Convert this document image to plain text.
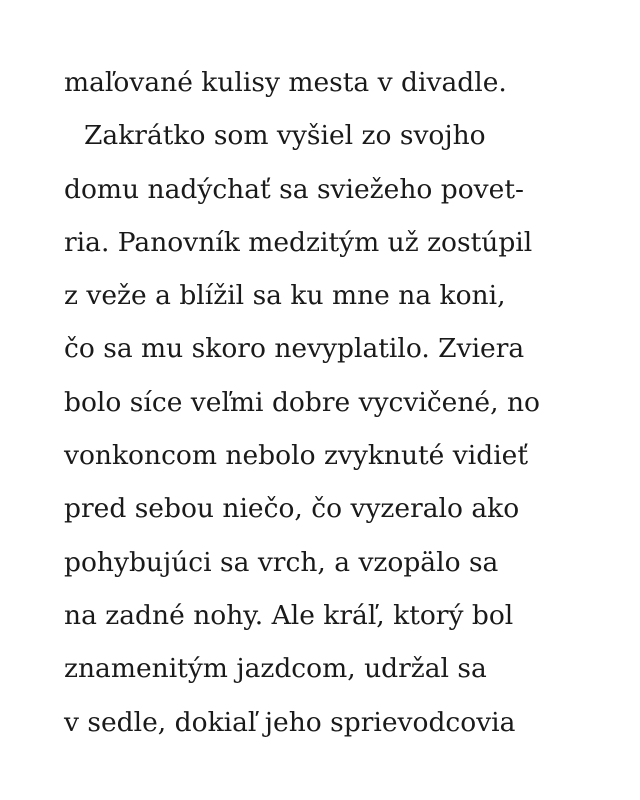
maľované kulisy mesta v divadle.
Zakrátko som vyšiel zo svojho
domu nadýchať sa sviežeho povet-
ria. Panovník medzitým už zostúpil
z veže a blížil sa ku mne na koni,
čo sa mu skoro nevyplatilo. Zviera
bolo síce veľmi dobre vycvičené, no
vonkoncom nebolo zvyknuté vidieť
pred sebou niečo, čo vyzeralo ako
pohybujúci sa vrch, a vzopälo sa
na zadné nohy. Ale kráľ, ktorý bol
znamenitým jazdcom, udržal sa
v sedle, dokiaľ jeho sprievodcovia
